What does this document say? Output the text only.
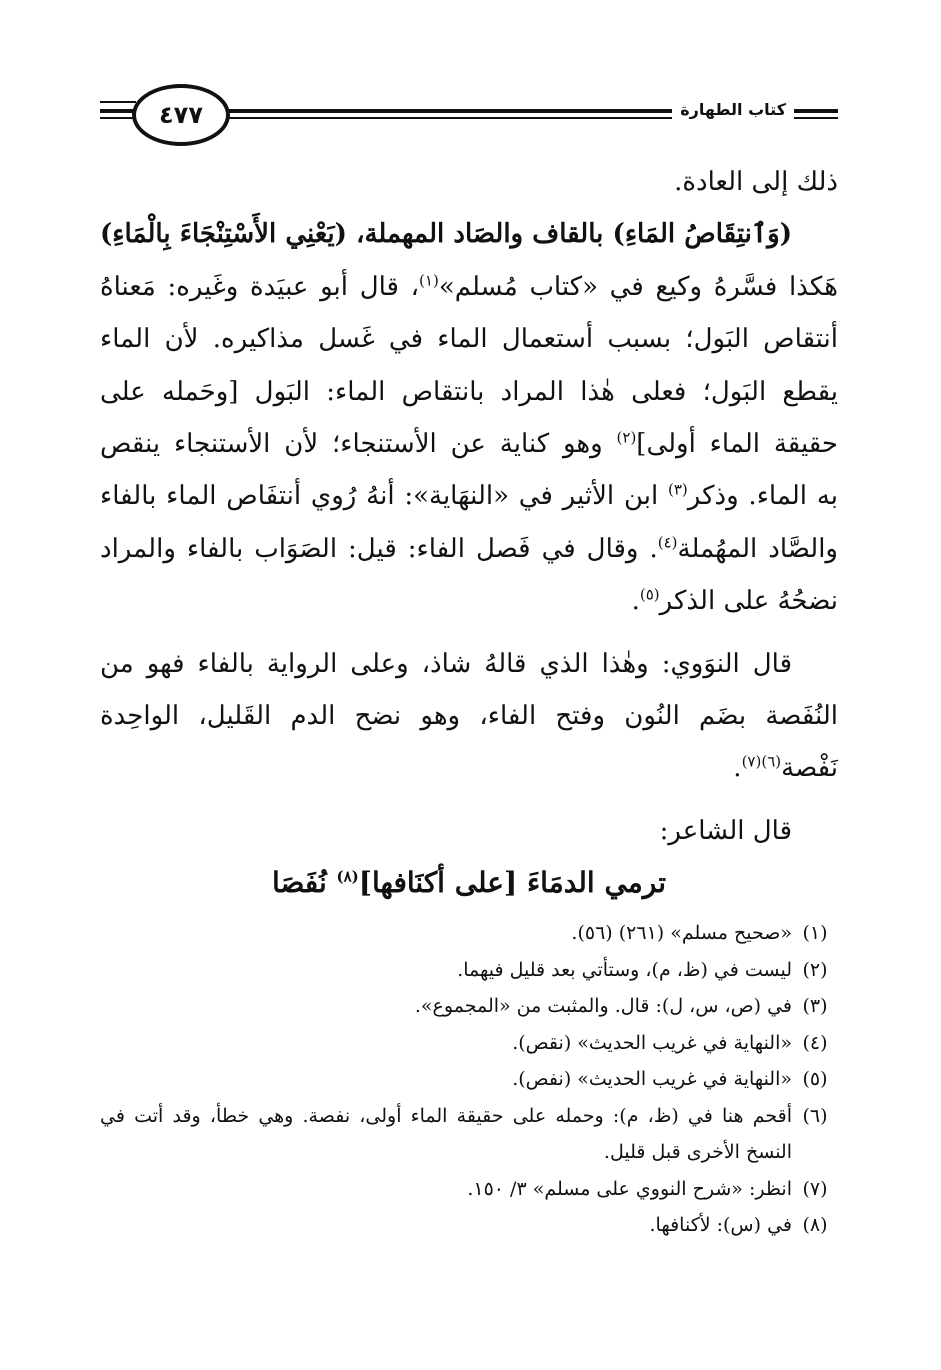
٤٧٧	كتاب الطهارة
ذلك إلى العادة.
(وَٱنتِقَاصُ المَاءِ) بالقاف والصَاد المهملة، (يَعْنِي الأَسْتِنْجَاءَ بِالْمَاءِ)
هَكذا فسَّرهُ وكيع في «كتاب مُسلم»$^{(١)}$، قال أبو عبيَدة وغَيره: مَعناهُ
أنتقاص البَول؛ بسبب أستعمال الماء في غَسل مذاكيره. لأن الماء
يقطع البَول؛ فعلى هٰذا المراد بانتقاص الماء: البَول [وحَمله على
حقيقة الماء أولى]$^{(٢)}$ وهو كناية عن الأستنجاء؛ لأن الأستنجاء ينقص
به الماء. وذكر$^{(٣)}$ ابن الأثير في «النهَاية»: أنهُ رُوي أنتفَاص الماء بالفاء
والصَّاد المهُملة$^{(٤)}$. وقال في فَصل الفاء: قيل: الصَوَاب بالفاء والمراد
نضحُهُ على الذكر$^{(٥)}$.
قال النوَوي: وهٰذا الذي قالهُ شاذ، وعلى الرواية بالفاء فهو من
النُفَصة بضَم النُون وفتح الفاء، وهو نضح الدم القَليل، الواحِدة
نَفْصة$^{(٦)(٧)}$.
قال الشاعر:
ترمي الدمَاءَ [على أكنَافها]$^{(٨)}$ نُفَصَا
(١)
«صحيح مسلم» (٢٦١) (٥٦).
(٢)
ليست في (ظ، م)، وستأتي بعد قليل فيهما.
(٣)
في (ص، س، ل): قال. والمثبت من «المجموع».
(٤)
«النهاية في غريب الحديث» (نقص).
(٥)
«النهاية في غريب الحديث» (نفص).
(٦)
أقحم هنا في (ظ، م): وحمله على حقيقة الماء أولى، نفصة. وهي خطأ، وقد أتت في النسخ الأخرى قبل قليل.
(٧)
انظر: «شرح النووي على مسلم» ٣/ ١٥٠.
(٨)
في (س): لأكنافها.
